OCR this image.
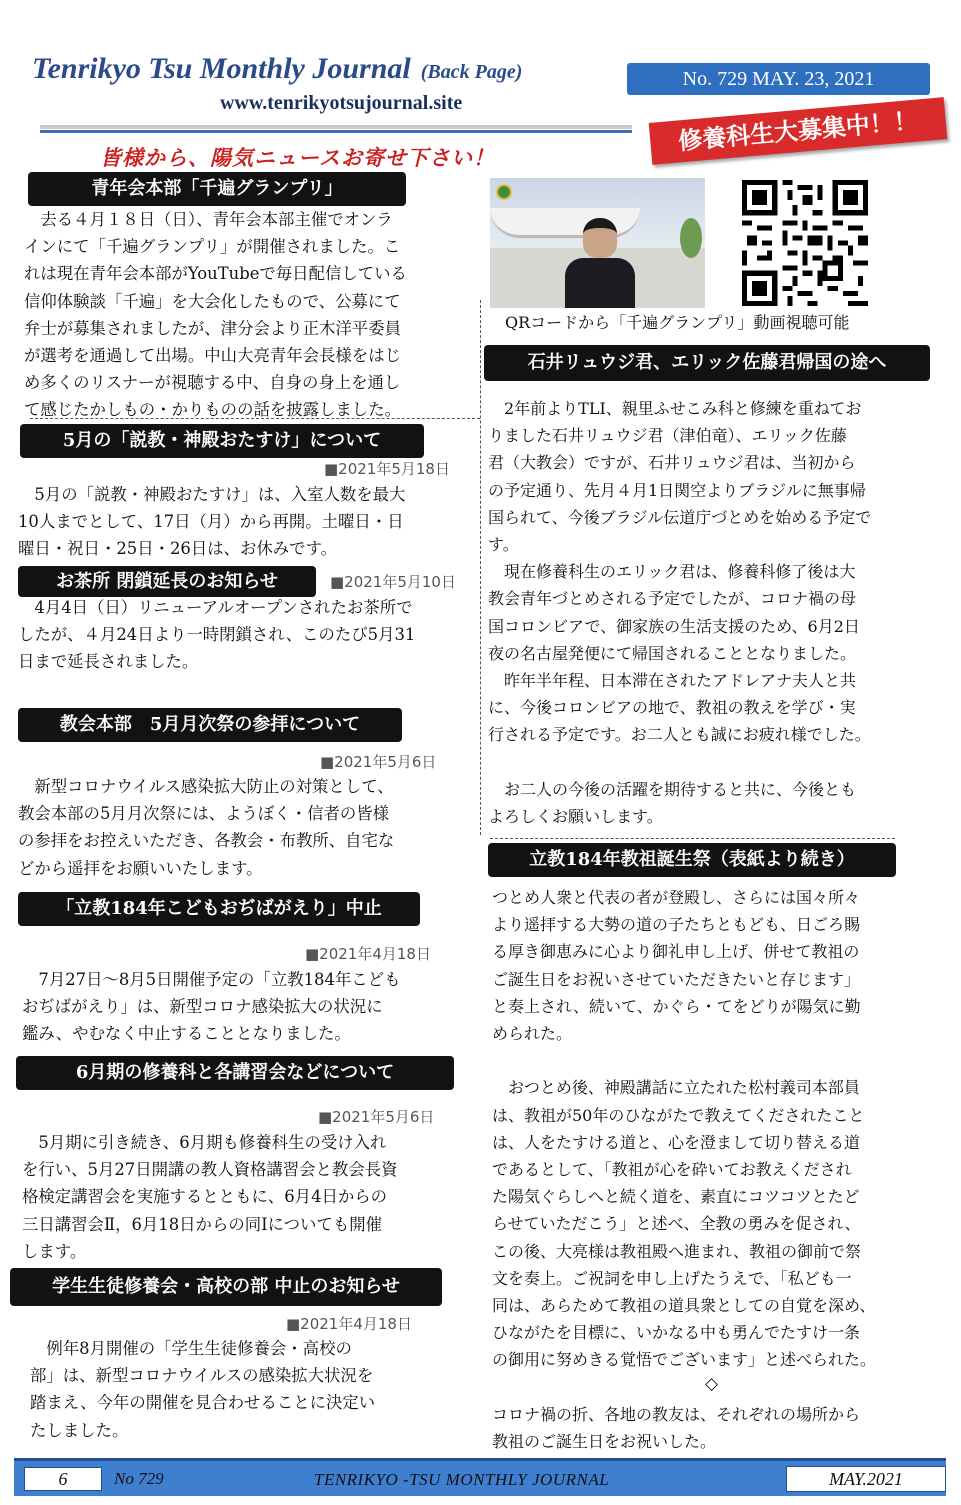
Tenrikyo Tsu Monthly Journal (Back Page)
www.tenrikyotsujournal.site
No. 729 MAY. 23, 2021
修養科生大募集中！！
皆様から、陽気ニュースお寄せ下さい！
青年会本部「千遍グランプリ」
　去る４月１８日（日）、青年会本部主催でオンラ
インにて「千遍グランプリ」が開催されました。こ
れは現在青年会本部がYouTubeで毎日配信している
信仰体験談「千遍」を大会化したもので、公募にて
弁士が募集されましたが、津分会より正木洋平委員
が選考を通過して出場。中山大亮青年会長様をはじ
め多くのリスナーが視聴する中、自身の身上を通し
て感じたかしもの・かりものの話を披露しました。
5月の「説教・神殿おたすけ」について
■2021年5月18日
　5月の「説教・神殿おたすけ」は、入室人数を最大
10人までとして、17日（月）から再開。土曜日・日
曜日・祝日・25日・26日は、お休みです。
お茶所 閉鎖延長のお知らせ	■2021年5月10日
　4月4日（日）リニューアルオープンされたお茶所で
したが、４月24日より一時閉鎖され、このたび5月31
日まで延長されました。
教会本部　5月月次祭の参拝について
■2021年5月6日
　新型コロナウイルス感染拡大防止の対策として、
教会本部の5月月次祭には、ようぼく・信者の皆様
の参拝をお控えいただき、各教会・布教所、自宅な
どから遥拝をお願いいたします。
「立教184年こどもおぢばがえり」中止
■2021年4月18日
　7月27日～8月5日開催予定の「立教184年こども
おぢばがえり」は、新型コロナ感染拡大の状況に
鑑み、やむなく中止することとなりました。
6月期の修養科と各講習会などについて
■2021年5月6日
　5月期に引き続き、6月期も修養科生の受け入れ
を行い、5月27日開講の教人資格講習会と教会長資
格検定講習会を実施するとともに、6月4日からの
三日講習会Ⅱ，6月18日からの同Ⅰについても開催
します。
学生生徒修養会・高校の部 中止のお知らせ
■2021年4月18日
　例年8月開催の「学生生徒修養会・高校の
部」は、新型コロナウイルスの感染拡大状況を
踏まえ、今年の開催を見合わせることに決定い
たしました。
QRコードから「千遍グランプリ」動画視聴可能
石井リュウジ君、エリック佐藤君帰国の途へ
　2年前よりTLI、親里ふせこみ科と修練を重ねてお
りました石井リュウジ君（津伯竜）、エリック佐藤
君（大教会）ですが、石井リュウジ君は、当初から
の予定通り、先月４月1日関空よりブラジルに無事帰
国られて、今後ブラジル伝道庁づとめを始める予定で
す。
　現在修養科生のエリック君は、修養科修了後は大
教会青年づとめされる予定でしたが、コロナ禍の母
国コロンビアで、御家族の生活支援のため、6月2日
夜の名古屋発便にて帰国されることとなりました。
　昨年半年程、日本滞在されたアドレアナ夫人と共
に、今後コロンビアの地で、教祖の教えを学び・実
行される予定です。お二人とも誠にお疲れ様でした。

　お二人の今後の活躍を期待すると共に、今後とも
よろしくお願いします。
立教184年教祖誕生祭（表紙より続き）
つとめ人衆と代表の者が登殿し、さらには国々所々
より遥拝する大勢の道の子たちともども、日ごろ賜
る厚き御恵みに心より御礼申し上げ、併せて教祖の
ご誕生日をお祝いさせていただきたいと存じます」
と奏上され、続いて、かぐら・てをどりが陽気に勤
められた。

　おつとめ後、神殿講話に立たれた松村義司本部員
は、教祖が50年のひながたで教えてくだされたこと
は、人をたすける道と、心を澄まして切り替える道
であるとして、「教祖が心を砕いてお教えくだされ
た陽気ぐらしへと続く道を、素直にコツコツとたど
らせていただこう」と述べ、全教の勇みを促され、
この後、大亮様は教祖殿へ進まれ、教祖の御前で祭
文を奏上。ご祝詞を申し上げたうえで、「私ども一
同は、あらためて教祖の道具衆としての自覚を深め、
ひながたを目標に、いかなる中も勇んでたすけ一条
の御用に努めきる覚悟でございます」と述べられた。
◇
コロナ禍の折、各地の教友は、それぞれの場所から
教祖のご誕生日をお祝いした。
6	No 729	TENRIKYO -TSU MONTHLY JOURNAL	MAY.2021
